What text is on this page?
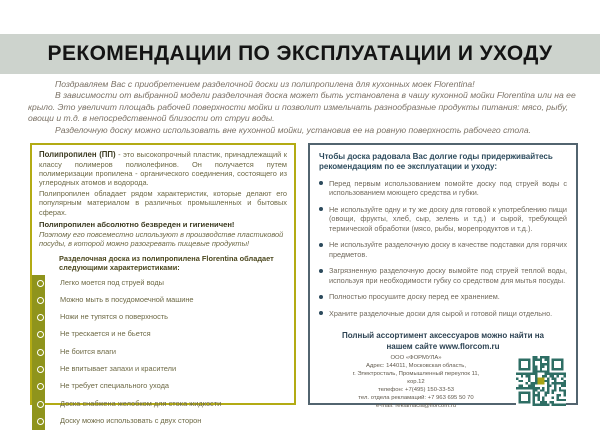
РЕКОМЕНДАЦИИ ПО ЭКСПЛУАТАЦИИ И УХОДУ

Поздравляем Вас с приобретением разделочной доски из полипропилена для кухонных моек Florentina!

В зависимости от выбранной модели разделочная доска может быть установлена в чашу кухонной мойки Florentina или на ее крыло. Это увеличит площадь рабочей поверхности мойки и позволит измельчать разнообразные продукты питания: мясо, рыбу, овощи и т.д. в непосредственной близости от струи воды.

Разделочную доску можно использовать вне кухонной мойки, установив ее на ровную поверхность рабочего стола.

Полипропилен (ПП) - это высокопрочный пластик, принадлежащий к классу полимеров полиолефинов. Он получается путем полимеризации пропилена - органического соединения, состоящего из углеродных атомов и водорода.

Полипропилен обладает рядом характеристик, которые делают его популярным материалом в различных промышленных и бытовых сферах.

Полипропилен абсолютно безвреден и гигиеничен!

Поэтому его повсеместно используют в производстве пластиковой посуды, в которой можно разогревать пищевые продукты!

Разделочная доска из полипропилена Florentina обладает следующими характеристиками:

Легко моется под струей воды
Можно мыть в посудомоечной машине
Ножи не тупятся о поверхность
Не трескается и не бьется
Не боится влаги
Не впитывает запахи и красители
Не требует специального ухода
Доска снабжена желобком для стока жидкости
Доску можно использовать с двух сторон

Чтобы доска радовала Вас долгие годы придерживайтесь рекомендациям по ее эксплуатации и уходу:

Перед первым использованием помойте доску под струей воды с использованием моющего средства и губки.
Не используйте одну и ту же доску для готовой к употреблению пищи (овощи, фрукты, хлеб, сыр, зелень и т.д.) и сырой, требующей термической обработки (мясо, рыбы, морепродуктов и т.д.).
Не используйте разделочную доску в качестве подставки для горячих предметов.
Загрязненную разделочную доску вымойте под струей теплой воды, используя при необходимости губку со средством для мытья посуды.
Полностью просушите доску перед ее хранением.
Храните разделочные доски для сырой и готовой пищи отдельно.

Полный ассортимент аксессуаров можно найти на нашем сайте www.florcom.ru

ООО «ФОРМУЛА»
Адрес: 144011, Московская область,
г. Электросталь, Промышленный переулок 11,
кор.12
телефон: +7(495) 150-33-53
тел. отдела рекламаций: +7 963 695 50 70
e-mail: reklamacia@florcom.ru
